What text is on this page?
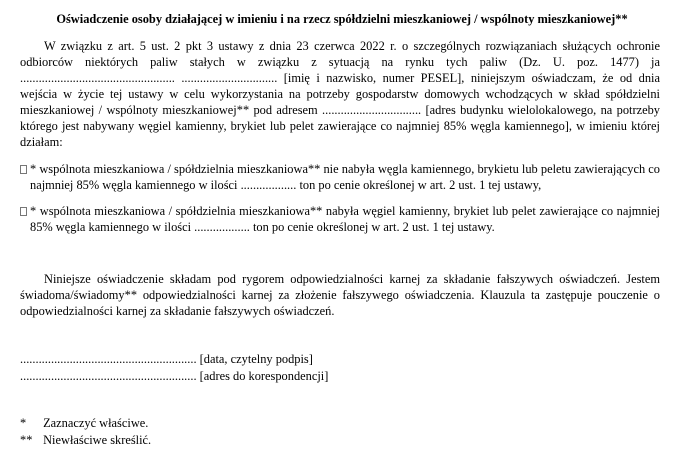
Oświadczenie osoby działającej w imieniu i na rzecz spółdzielni mieszkaniowej / wspólnoty mieszkaniowej**
W związku z art. 5 ust. 2 pkt 3 ustawy z dnia 23 czerwca 2022 r. o szczególnych rozwiązaniach służących ochronie odbiorców niektórych paliw stałych w związku z sytuacją na rynku tych paliw (Dz. U. poz. 1477) ja .................................................. ............................... [imię i nazwisko, numer PESEL], niniejszym oświadczam, że od dnia wejścia w życie tej ustawy w celu wykorzystania na potrzeby gospodarstw domowych wchodzących w skład spółdzielni mieszkaniowej / wspólnoty mieszkaniowej** pod adresem ................................ [adres budynku wielolokalowego, na potrzeby którego jest nabywany węgiel kamienny, brykiet lub pelet zawierające co najmniej 85% węgla kamiennego], w imieniu której działam:
* wspólnota mieszkaniowa / spółdzielnia mieszkaniowa** nie nabyła węgla kamiennego, brykietu lub peletu zawierających co najmniej 85% węgla kamiennego w ilości .................. ton po cenie określonej w art. 2 ust. 1 tej ustawy,
* wspólnota mieszkaniowa / spółdzielnia mieszkaniowa** nabyła węgiel kamienny, brykiet lub pelet zawierające co najmniej 85% węgla kamiennego w ilości .................. ton po cenie określonej w art. 2 ust. 1 tej ustawy.
Niniejsze oświadczenie składam pod rygorem odpowiedzialności karnej za składanie fałszywych oświadczeń. Jestem świadoma/świadomy** odpowiedzialności karnej za złożenie fałszywego oświadczenia. Klauzula ta zastępuje pouczenie o odpowiedzialności karnej za składanie fałszywych oświadczeń.
......................................................... [data, czytelny podpis]
......................................................... [adres do korespondencji]
* Zaznaczyć właściwe.
** Niewłaściwe skreślić.
